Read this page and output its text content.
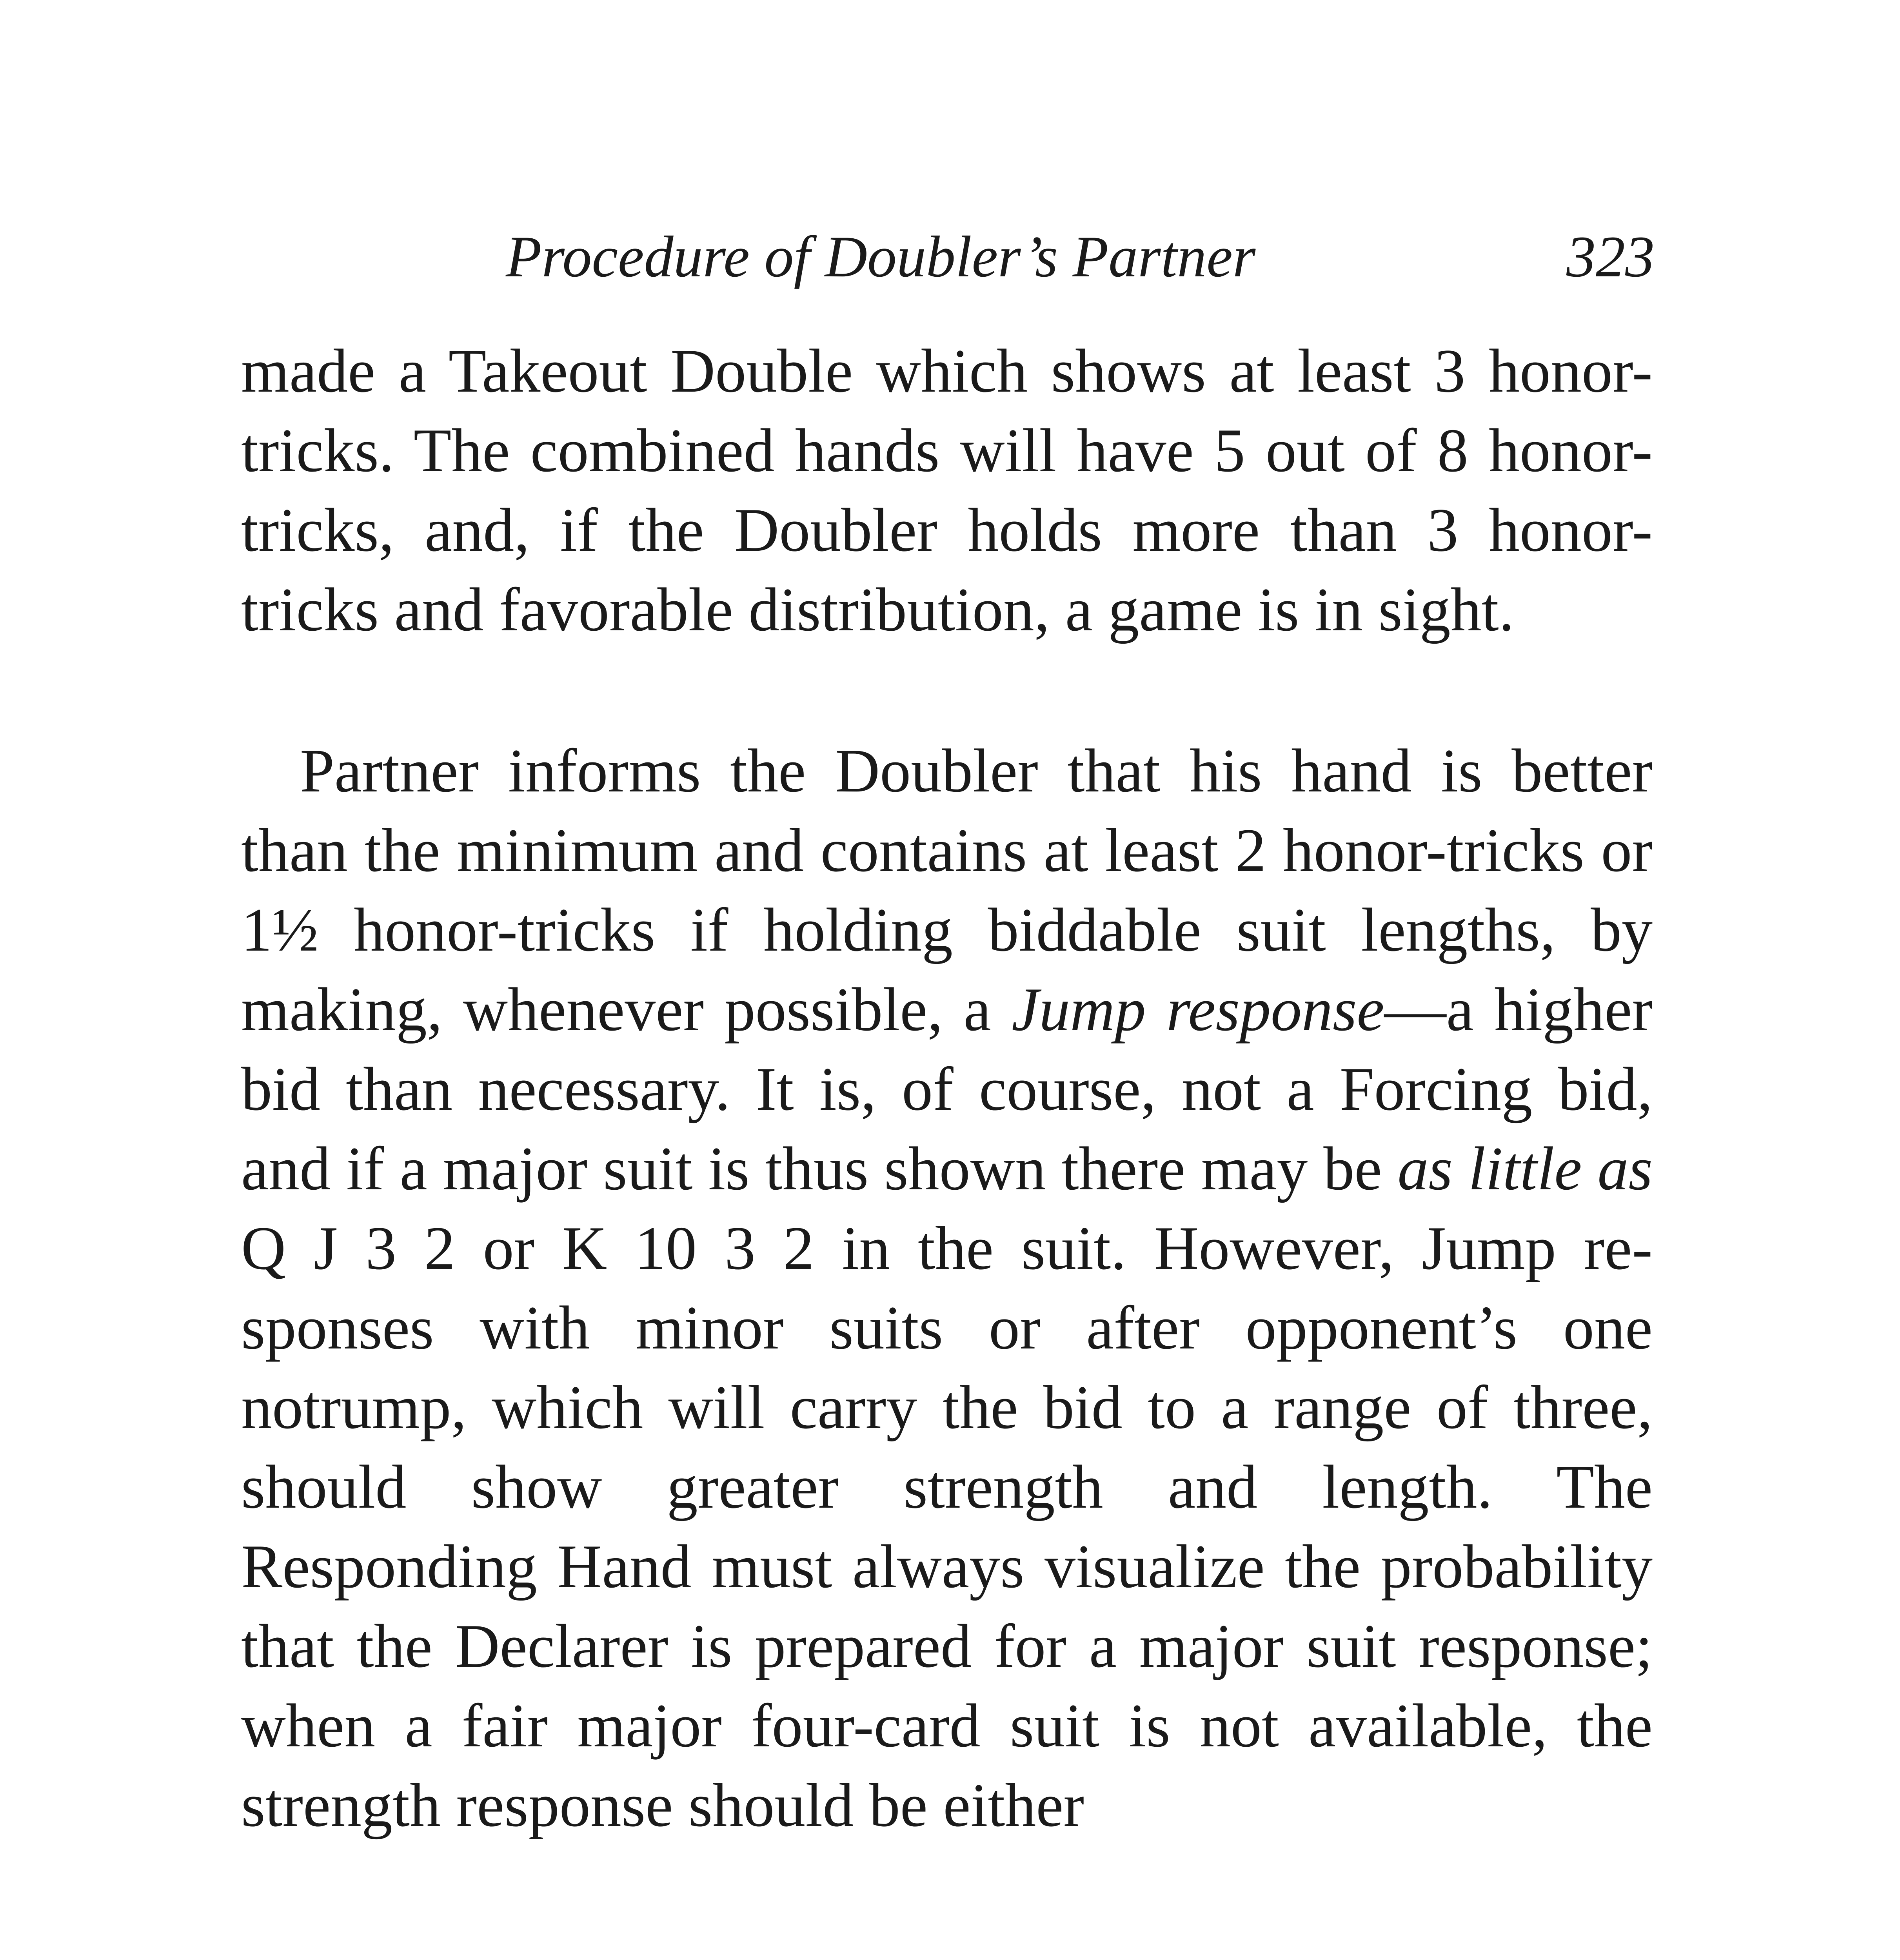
Procedure of Doubler’s Partner	323

made a Takeout Double which shows at least 3 honor-tricks. The combined hands will have 5 out of 8 honor-tricks, and, if the Doubler holds more than 3 honor-tricks and favorable distribution, a game is in sight.

Partner informs the Doubler that his hand is better than the minimum and contains at least 2 honor-tricks or 1½ honor-tricks if holding biddable suit lengths, by making, whenever possible, a Jump response—a higher bid than necessary. It is, of course, not a Forcing bid, and if a major suit is thus shown there may be as little as Q J 3 2 or K 10 3 2 in the suit. However, Jump responses with minor suits or after opponent’s one notrump, which will carry the bid to a range of three, should show greater strength and length. The Responding Hand must always visualize the probability that the Declarer is prepared for a major suit response; when a fair major four-card suit is not available, the strength response should be either
